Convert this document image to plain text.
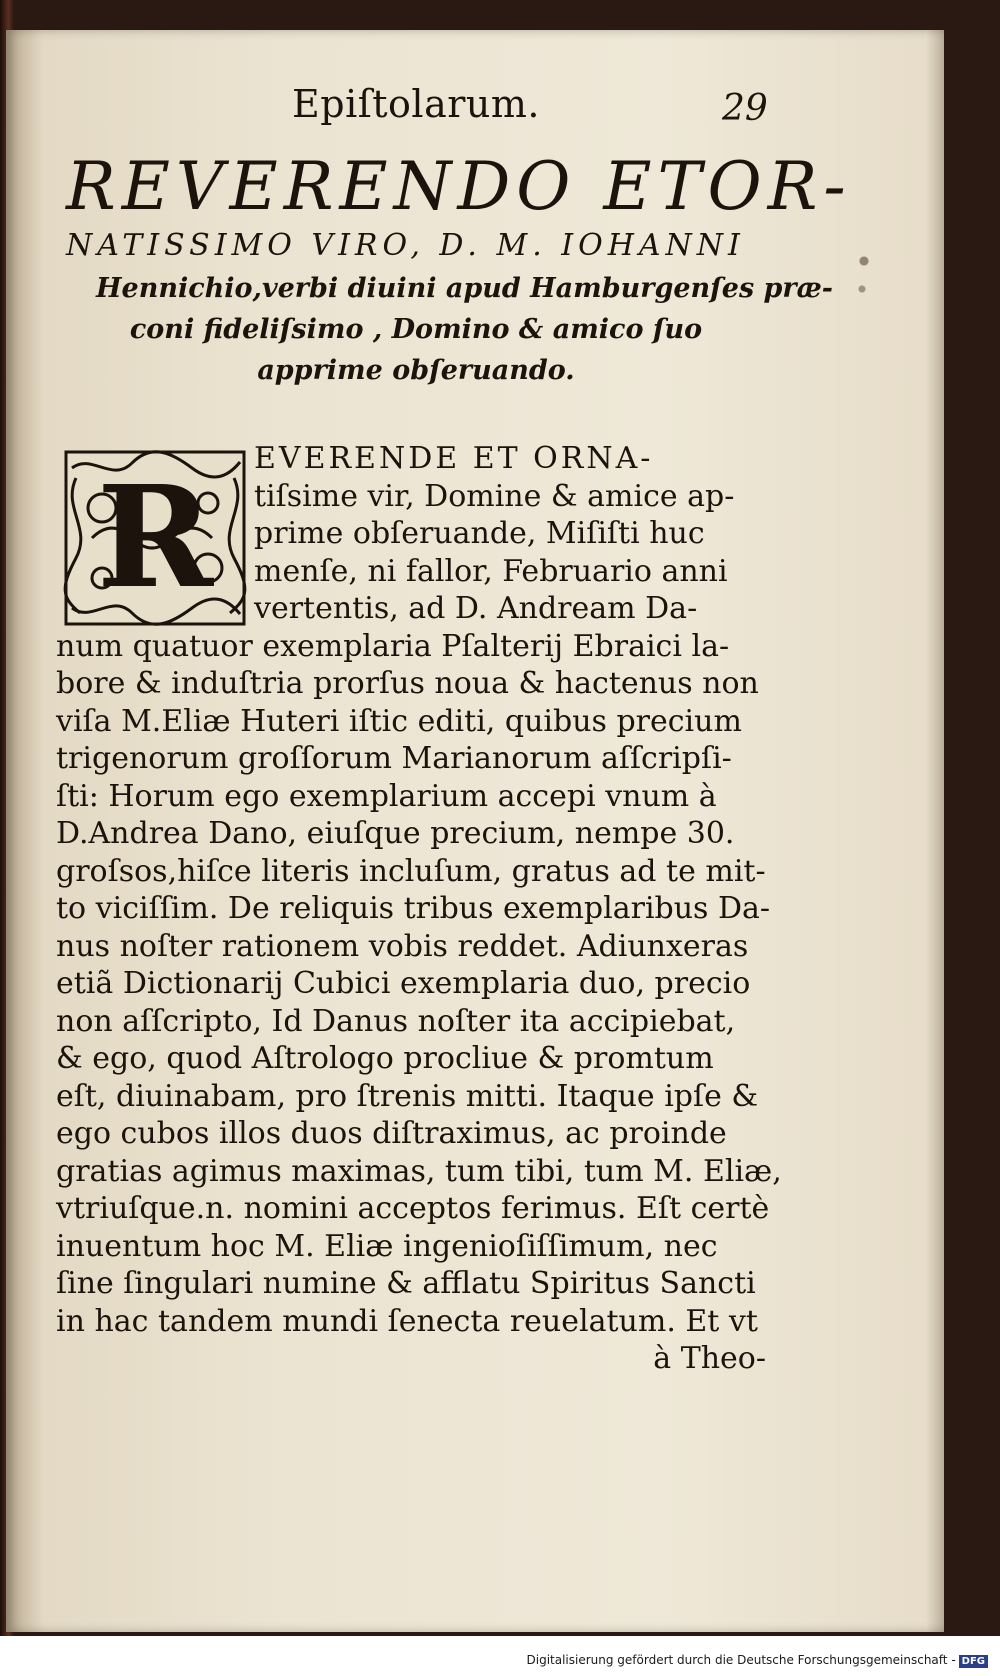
Epiſtolarum.	29
REVERENDO ETOR-
NATISSIMO VIRO, D. M. IOHANNI
Hennichio,verbi diuini apud Hamburgenſes præ-
coni fideliſsimo , Domino & amico ſuo
apprime obſeruando.
R	EVERENDE ET ORNA-
tiſsime vir, Domine & amice ap-
prime obſeruande, Miſiſti huc
menſe, ni fallor, Februario anni
vertentis, ad D. Andream Da-
num quatuor exemplaria Pſalterij Ebraici la-
bore & induſtria prorſus noua & hactenus non
viſa M.Eliæ Huteri iſtic editi, quibus precium
trigenorum groſſorum Marianorum aſſcripſi-
ſti: Horum ego exemplarium accepi vnum à
D.Andrea Dano, eiuſque precium, nempe 30.
groſsos,hiſce literis incluſum, gratus ad te mit-
to viciſſim. De reliquis tribus exemplaribus Da-
nus noſter rationem vobis reddet. Adiunxeras
etiã Dictionarij Cubici exemplaria duo, precio
non aſſcripto, Id Danus noſter ita accipiebat,
& ego, quod Aſtrologo procliue & promtum
eſt, diuinabam, pro ſtrenis mitti. Itaque ipſe &
ego cubos illos duos diſtraximus, ac proinde
gratias agimus maximas, tum tibi, tum M. Eliæ,
vtriuſque.n. nomini acceptos ferimus. Eſt certè
inuentum hoc M. Eliæ ingenioſiſſimum, nec
ſine ſingulari numine & afflatu Spiritus Sancti
in hac tandem mundi ſenecta reuelatum. Et vt
à Theo-
Digitalisierung gefördert durch die Deutsche Forschungsgemeinschaft - DFG
